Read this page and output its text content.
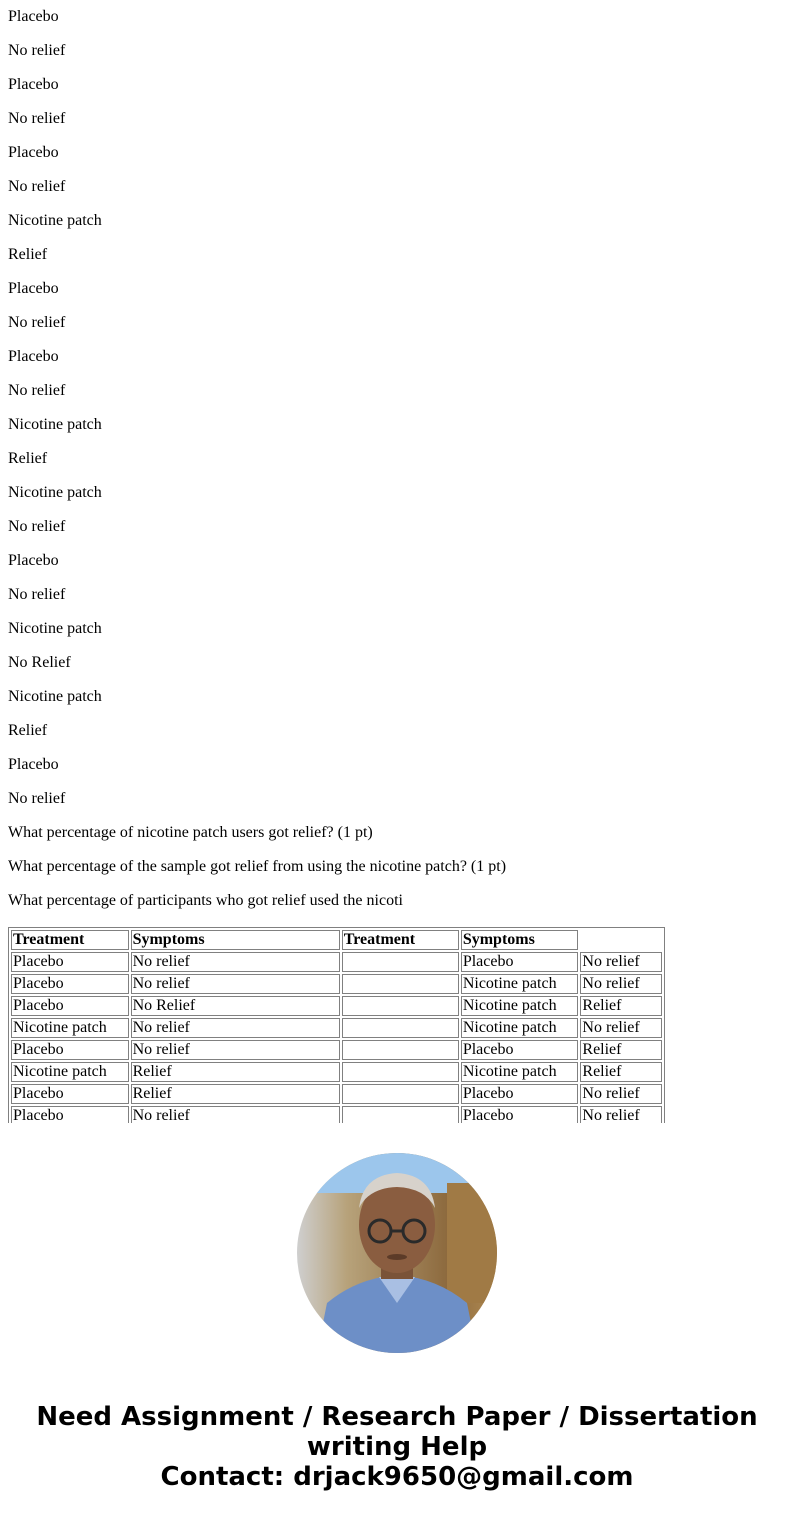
Placebo

No relief

Placebo

No relief

Placebo

No relief

Nicotine patch

Relief

Placebo

No relief

Placebo

No relief

Nicotine patch

Relief

Nicotine patch

No relief

Placebo

No relief

Nicotine patch

No Relief

Nicotine patch

Relief

Placebo

No relief

What percentage of nicotine patch users got relief? (1 pt)

What percentage of the sample got relief from using the nicotine patch? (1 pt)

What percentage of participants who got relief used the nicoti

Treatment	Symptoms	Treatment	Symptoms	
Placebo	No relief		Placebo	No relief
Placebo	No relief		Nicotine patch	No relief
Placebo	No Relief		Nicotine patch	Relief
Nicotine patch	No relief		Nicotine patch	No relief
Placebo	No relief		Placebo	Relief
Nicotine patch	Relief		Nicotine patch	Relief
Placebo	Relief		Placebo	No relief
Placebo	No relief		Placebo	No relief
Need Assignment / Research Paper / Dissertation
writing Help
Contact: drjack9650@gmail.com
